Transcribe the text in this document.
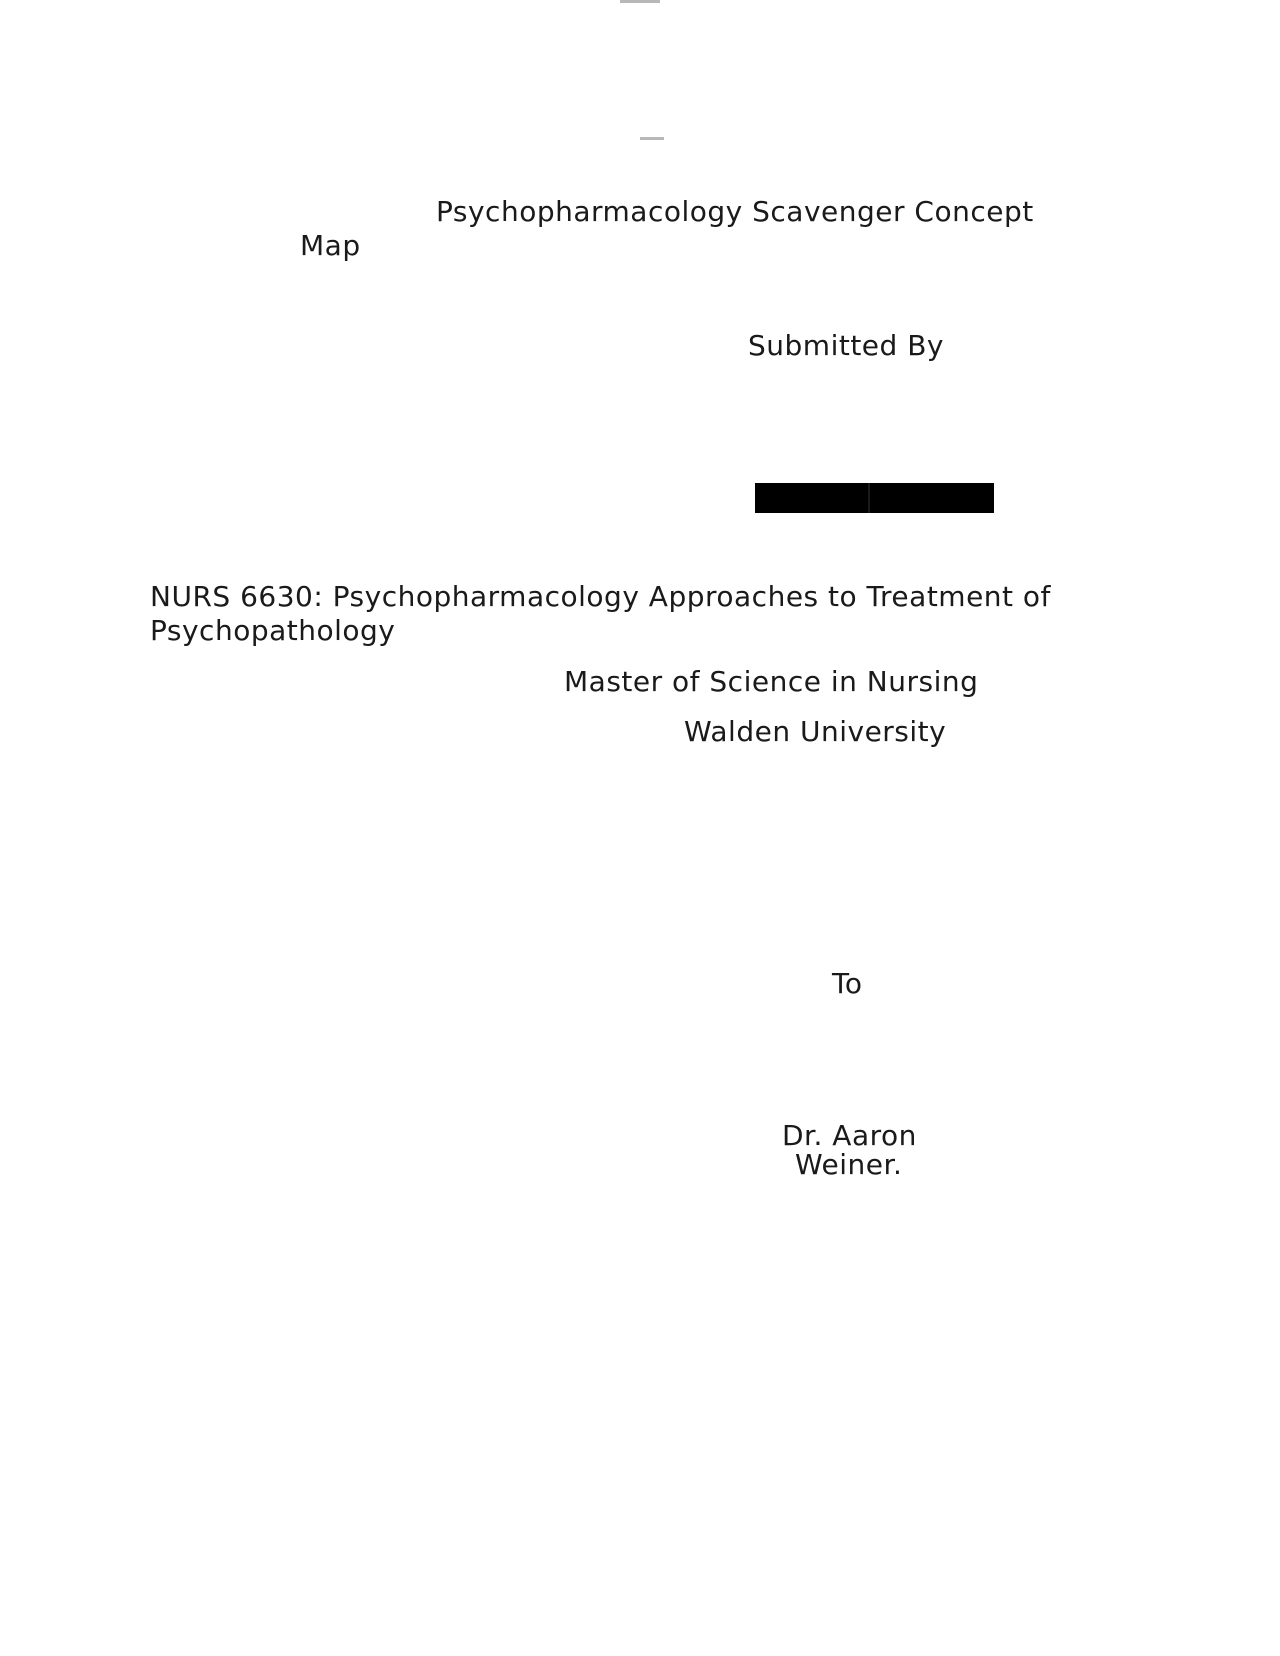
Psychopharmacology Scavenger Concept

Map

Submitted By

NURS 6630: Psychopharmacology Approaches to Treatment of

Psychopathology

Master of Science in Nursing

Walden University

To

Dr. Aaron

Weiner.
